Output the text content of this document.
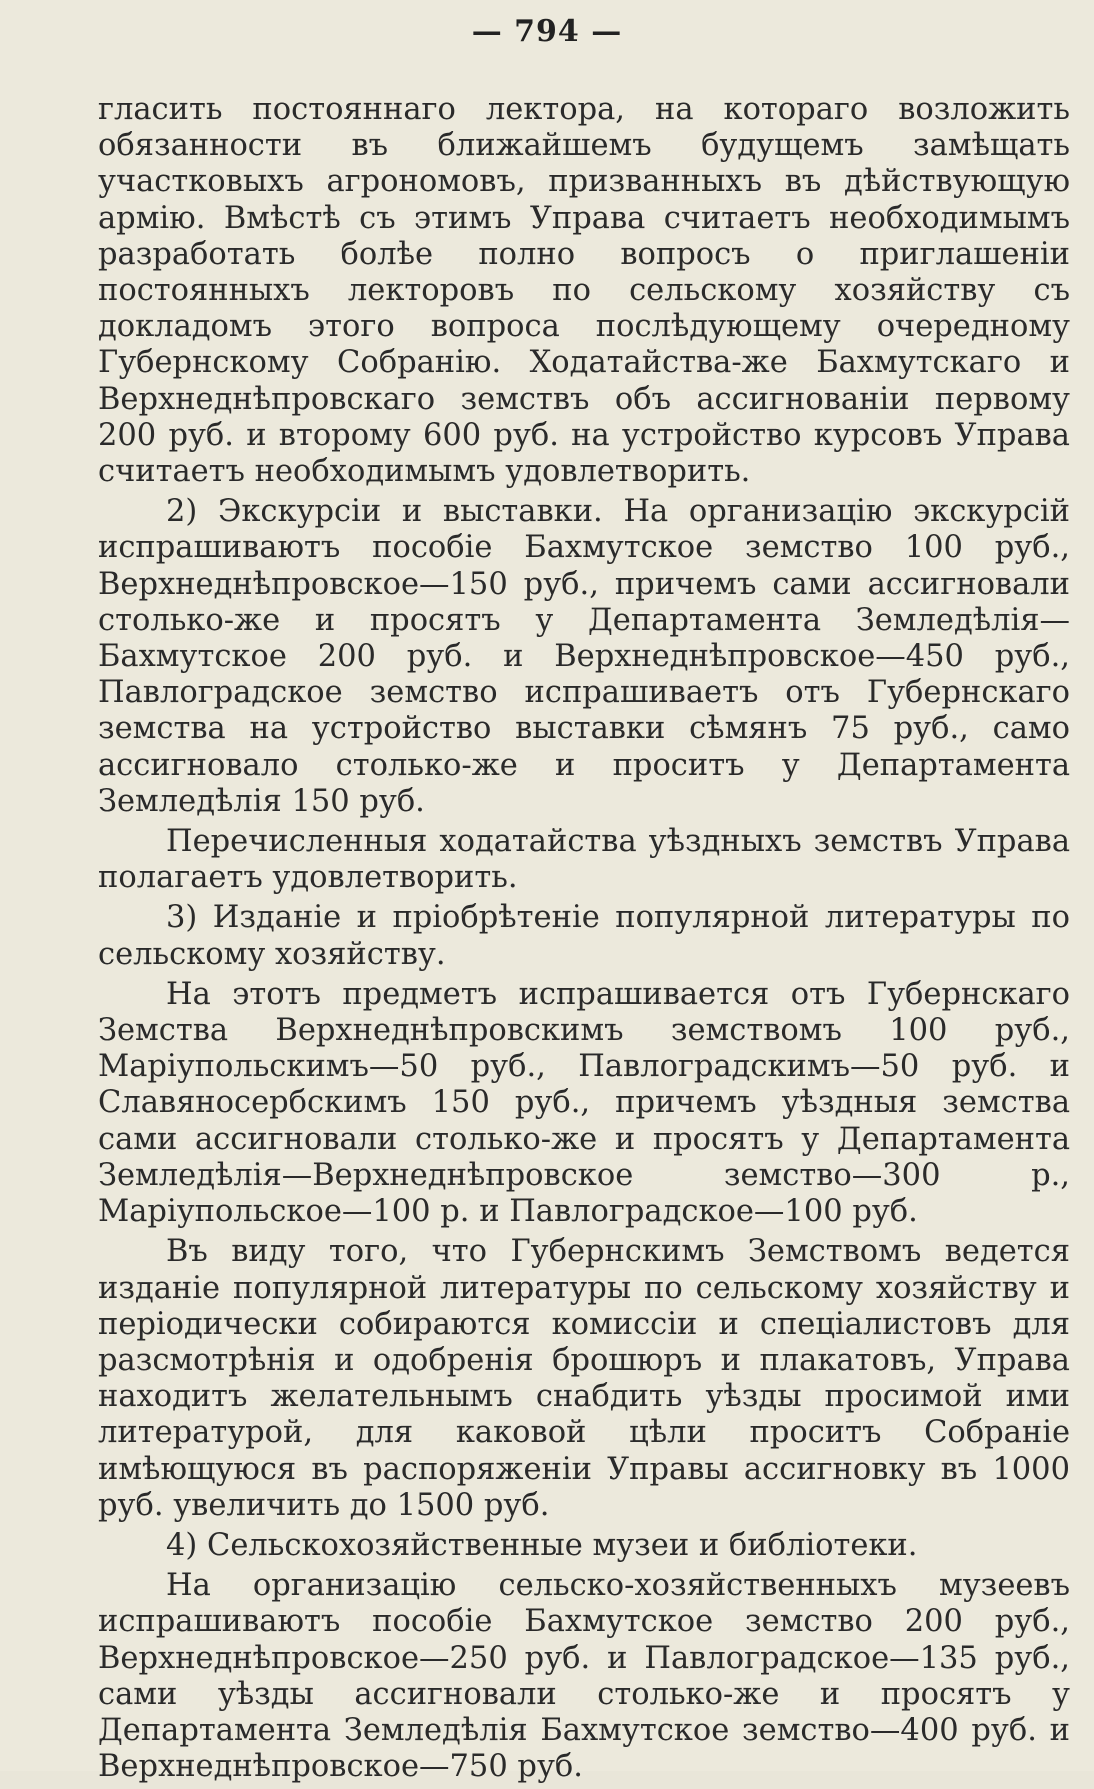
— 794 —

гласить постояннаго лектора, на котораго возложить обязанности въ ближайшемъ будущемъ замѣщать участковыхъ агрономовъ, призванныхъ въ дѣйствующую армію. Вмѣстѣ съ этимъ Управа считаетъ необходимымъ разработать болѣе полно вопросъ о приглашеніи постоянныхъ лекторовъ по сельскому хозяйству съ докладомъ этого вопроса послѣдующему очередному Губернскому Собранію. Ходатайства-же Бахмутскаго и Верхнеднѣпровскаго земствъ объ ассигнованіи первому 200 руб. и второму 600 руб. на устройство курсовъ Управа считаетъ необходимымъ удовлетворить.

2) Экскурсіи и выставки. На организацію экскурсій испрашиваютъ пособіе Бахмутское земство 100 руб., Верхнеднѣпровское—150 руб., причемъ сами ассигновали столько-же и просятъ у Департамента Земледѣлія—Бахмутское 200 руб. и Верхнеднѣпровское—450 руб., Павлоградское земство испрашиваетъ отъ Губернскаго земства на устройство выставки сѣмянъ 75 руб., само ассигновало столько-же и проситъ у Департамента Земледѣлія 150 руб.

Перечисленныя ходатайства уѣздныхъ земствъ Управа полагаетъ удовлетворить.

3) Изданіе и пріобрѣтеніе популярной литературы по сельскому хозяйству.

На этотъ предметъ испрашивается отъ Губернскаго Земства Верхнеднѣпровскимъ земствомъ 100 руб., Маріупольскимъ—50 руб., Павлоградскимъ—50 руб. и Славяносербскимъ 150 руб., причемъ уѣздныя земства сами ассигновали столько-же и просятъ у Департамента Земледѣлія—Верхнеднѣпровское земство—300 р., Маріупольское—100 р. и Павлоградское—100 руб.

Въ виду того, что Губернскимъ Земствомъ ведется изданіе популярной литературы по сельскому хозяйству и періодически собираются комиссіи и спеціалистовъ для разсмотрѣнія и одобренія брошюръ и плакатовъ, Управа находитъ желательнымъ снабдить уѣзды просимой ими литературой, для каковой цѣли проситъ Собраніе имѣющуюся въ распоряженіи Управы ассигновку въ 1000 руб. увеличить до 1500 руб.

4) Сельскохозяйственные музеи и библіотеки.

На организацію сельско-хозяйственныхъ музеевъ испрашиваютъ пособіе Бахмутское земство 200 руб., Верхнеднѣпровское—250 руб. и Павлоградское—135 руб., сами уѣзды ассигновали столько-же и просятъ у Департамента Земледѣлія Бахмутское земство—400 руб. и Верхнеднѣпровское—750 руб.
